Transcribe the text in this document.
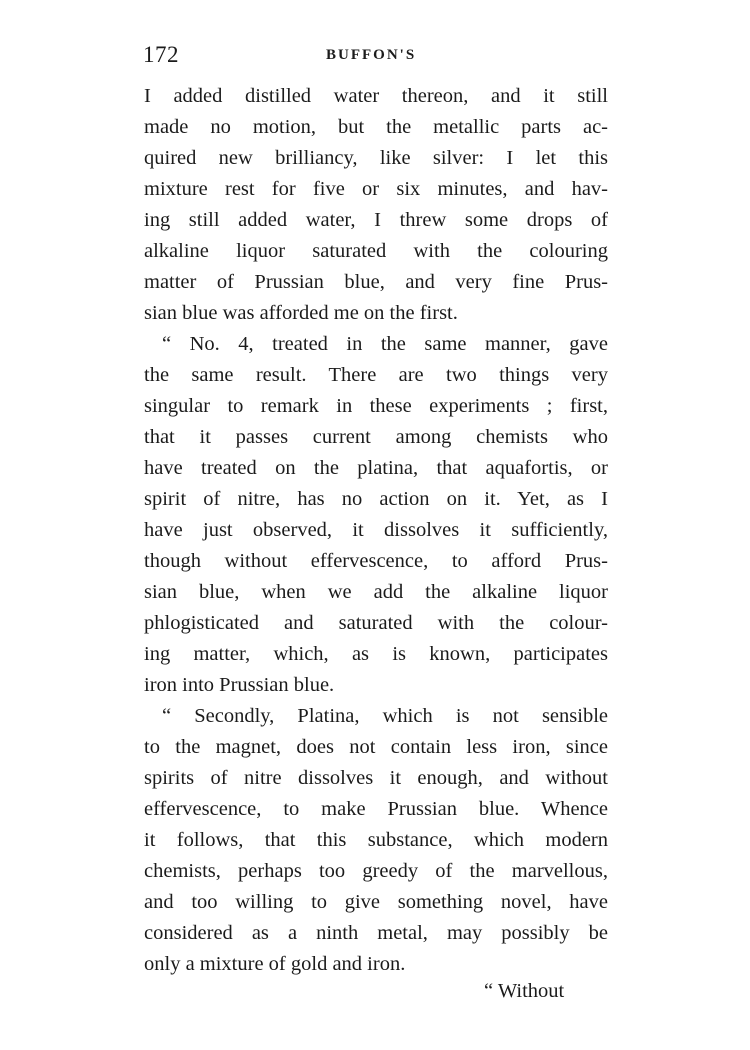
172	BUFFON'S
I added distilled water thereon, and it still
made no motion, but the metallic parts ac-
quired new brilliancy, like silver: I let this
mixture rest for five or six minutes, and hav-
ing still added water, I threw some drops of
alkaline liquor saturated with the colouring
matter of Prussian blue, and very fine Prus-
sian blue was afforded me on the first.
“ No. 4, treated in the same manner, gave
the same result. There are two things very
singular to remark in these experiments ; first,
that it passes current among chemists who
have treated on the platina, that aquafortis, or
spirit of nitre, has no action on it. Yet, as I
have just observed, it dissolves it sufficiently,
though without effervescence, to afford Prus-
sian blue, when we add the alkaline liquor
phlogisticated and saturated with the colour-
ing matter, which, as is known, participates
iron into Prussian blue.
“ Secondly, Platina, which is not sensible
to the magnet, does not contain less iron, since
spirits of nitre dissolves it enough, and without
effervescence, to make Prussian blue. Whence
it follows, that this substance, which modern
chemists, perhaps too greedy of the marvellous,
and too willing to give something novel, have
considered as a ninth metal, may possibly be
only a mixture of gold and iron.
“ Without
